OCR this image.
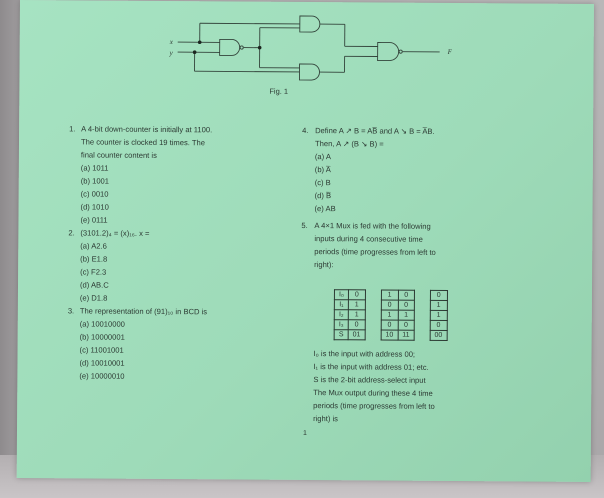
x
y	F
Fig. 1
1. A 4-bit down-counter is initially at 1100.
The counter is clocked 19 times. The
final counter content is
(a) 1011
(b) 1001
(c) 0010
(d) 1010
(e) 0111
2. (3101.2)₄ = (x)₁₆. x =
(a) A2.6
(b) E1.8
(c) F2.3
(d) AB.C
(e) D1.8
3. The representation of (91)₁₀ in BCD is
(a) 10010000
(b) 10000001
(c) 11001001
(d) 10010001
(e) 10000010
4. Define A ↗ B = AB̅ and A ↘ B = A̅B.
Then, A ↗ (B ↘ B) =
(a) A
(b) A̅
(c) B
(d) B̅
(e) AB
5. A 4×1 Mux is fed with the following
inputs during 4 consecutive time
periods (time progresses from left to
right):
I₀	0		1	0		0
I₁	1		0	0		1
I₂	1		1	1		1
I₃	0		0	0		0
S	01		10	11		00
I₀ is the input with address 00;
I₁ is the input with address 01; etc.
S is the 2-bit address-select input
The Mux output during these 4 time
periods (time progresses from left to
right) is
1
